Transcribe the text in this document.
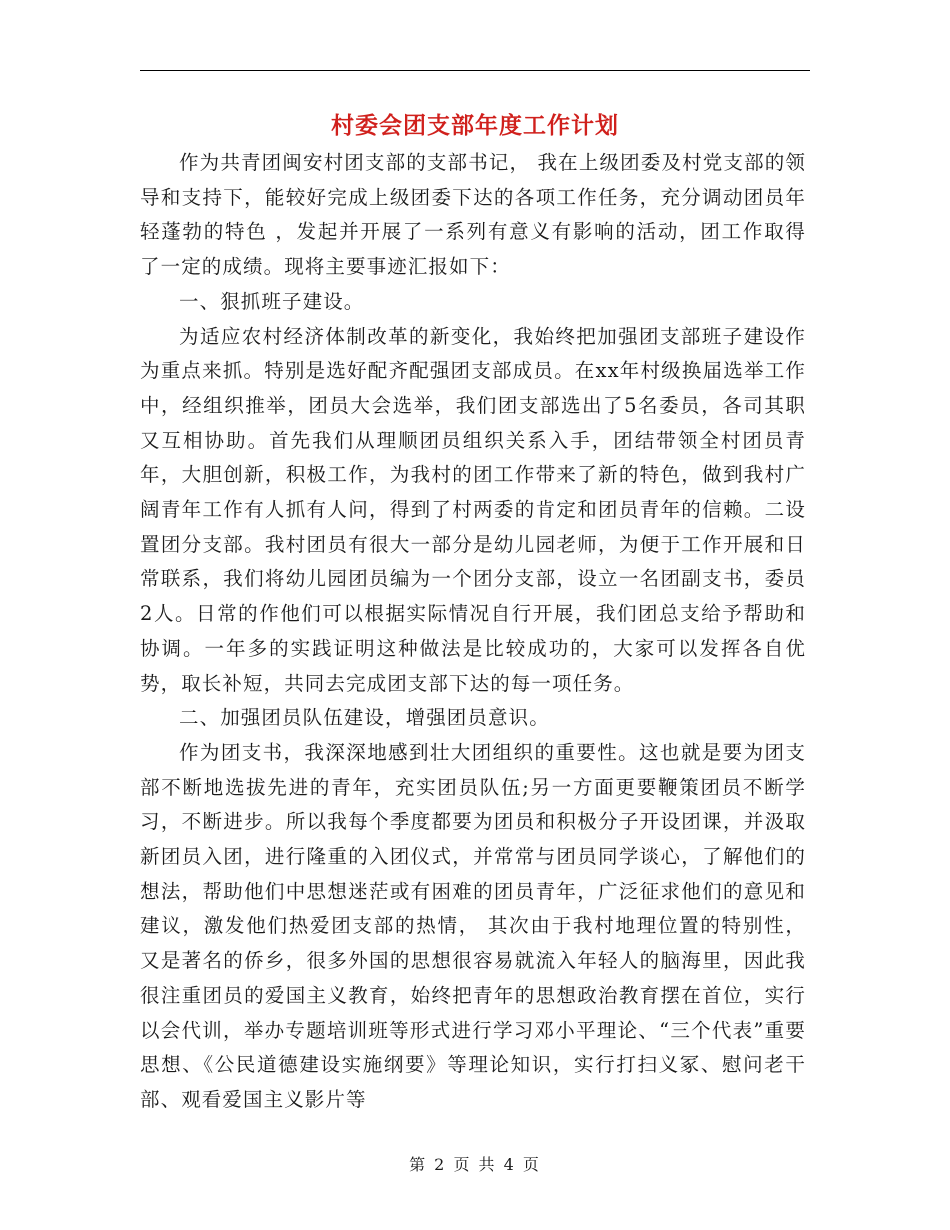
村委会团支部年度工作计划

作为共青团闽安村团支部的支部书记， 我在上级团委及村党支部的领导和支持下，能较好完成上级团委下达的各项工作任务，充分调动团员年轻蓬勃的特色 ，发起并开展了一系列有意义有影响的活动，团工作取得了一定的成绩。现将主要事迹汇报如下：

一、狠抓班子建设。

为适应农村经济体制改革的新变化，我始终把加强团支部班子建设作为重点来抓。特别是选好配齐配强团支部成员。在xx年村级换届选举工作中，经组织推举，团员大会选举，我们团支部选出了5名委员，各司其职又互相协助。首先我们从理顺团员组织关系入手，团结带领全村团员青年，大胆创新，积极工作，为我村的团工作带来了新的特色，做到我村广阔青年工作有人抓有人问，得到了村两委的肯定和团员青年的信赖。二设置团分支部。我村团员有很大一部分是幼儿园老师，为便于工作开展和日常联系，我们将幼儿园团员编为一个团分支部，设立一名团副支书，委员2人。日常的作他们可以根据实际情况自行开展，我们团总支给予帮助和协调。一年多的实践证明这种做法是比较成功的，大家可以发挥各自优势，取长补短，共同去完成团支部下达的每一项任务。

二、加强团员队伍建设，增强团员意识。

作为团支书，我深深地感到壮大团组织的重要性。这也就是要为团支部不断地选拔先进的青年，充实团员队伍;另一方面更要鞭策团员不断学习，不断进步。所以我每个季度都要为团员和积极分子开设团课，并汲取新团员入团，进行隆重的入团仪式，并常常与团员同学谈心，了解他们的想法，帮助他们中思想迷茫或有困难的团员青年，广泛征求他们的意见和建议，激发他们热爱团支部的热情， 其次由于我村地理位置的特别性，又是著名的侨乡，很多外国的思想很容易就流入年轻人的脑海里，因此我很注重团员的爱国主义教育，始终把青年的思想政治教育摆在首位，实行以会代训，举办专题培训班等形式进行学习邓小平理论、“三个代表”重要思想、《公民道德建设实施纲要》等理论知识，实行打扫义冢、慰问老干部、观看爱国主义影片等

第 2 页 共 4 页
